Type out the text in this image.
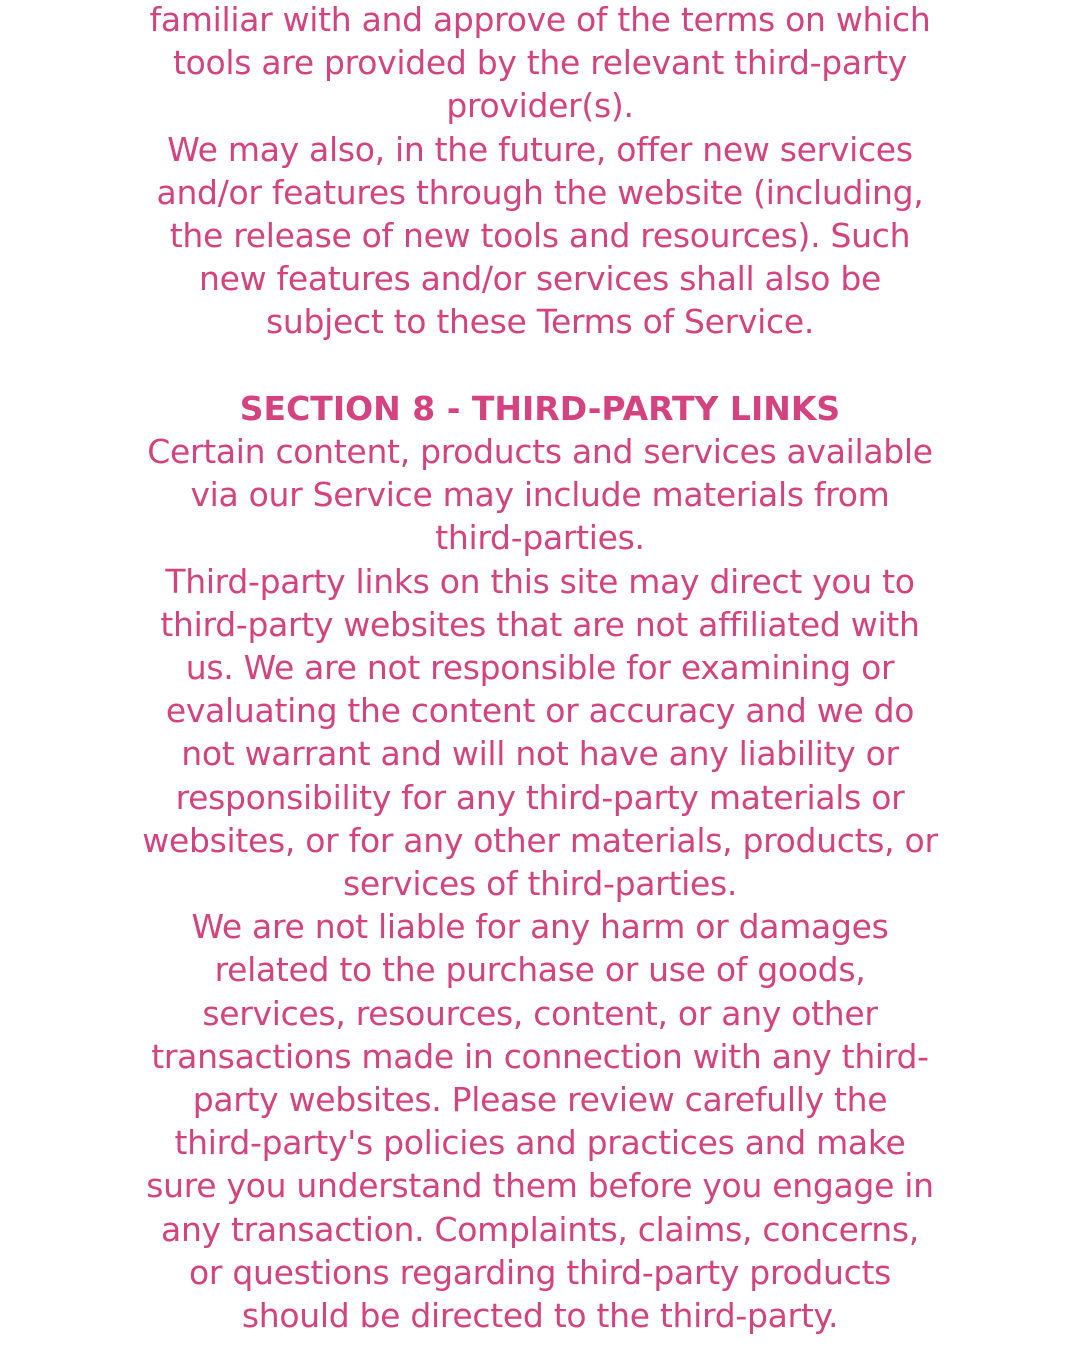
familiar with and approve of the terms on which
tools are provided by the relevant third-party
provider(s).

We may also, in the future, offer new services
and/or features through the website (including,
the release of new tools and resources). Such
new features and/or services shall also be
subject to these Terms of Service.

SECTION 8 - THIRD-PARTY LINKS

Certain content, products and services available
via our Service may include materials from
third-parties.

Third-party links on this site may direct you to
third-party websites that are not affiliated with
us. We are not responsible for examining or
evaluating the content or accuracy and we do
not warrant and will not have any liability or
responsibility for any third-party materials or
websites, or for any other materials, products, or
services of third-parties.

We are not liable for any harm or damages
related to the purchase or use of goods,
services, resources, content, or any other
transactions made in connection with any third-
party websites. Please review carefully the
third-party's policies and practices and make
sure you understand them before you engage in
any transaction. Complaints, claims, concerns,
or questions regarding third-party products
should be directed to the third-party.
